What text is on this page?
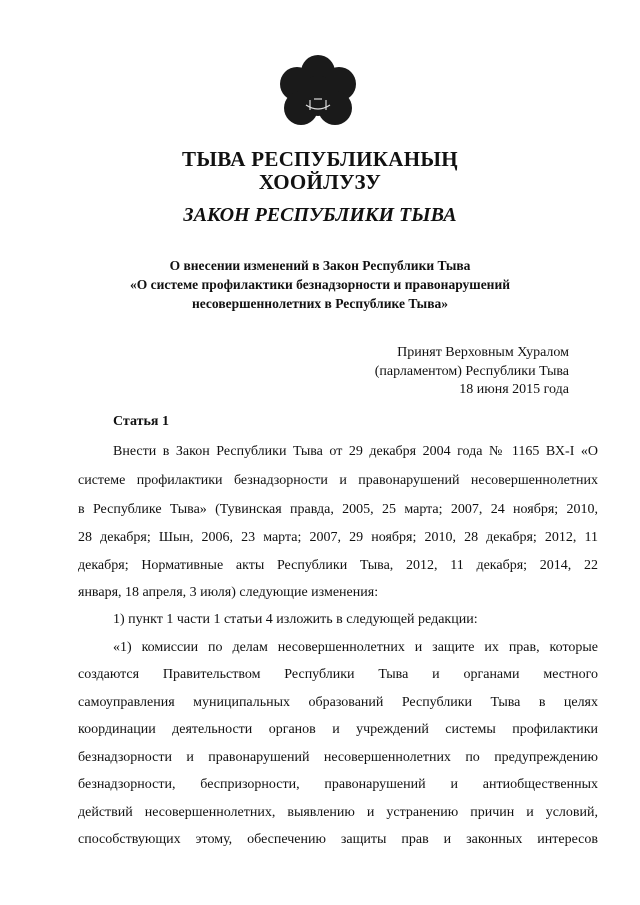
ТЫВА РЕСПУБЛИКАНЫҢ
ХООЙЛУЗУ
ЗАКОН РЕСПУБЛИКИ ТЫВА
О внесении изменений в Закон Республики Тыва
«О системе профилактики безнадзорности и правонарушений
несовершеннолетних в Республике Тыва»
Принят Верховным Хуралом
(парламентом) Республики Тыва
18 июня 2015 года
Статья 1
Внести в Закон Республики Тыва от 29 декабря 2004 года № 1165 ВХ-I «О
системе профилактики безнадзорности и правонарушений несовершеннолетних
в Республике Тыва» (Тувинская правда, 2005, 25 марта; 2007, 24 ноября; 2010,
28 декабря; Шын, 2006, 23 марта; 2007, 29 ноября; 2010, 28 декабря; 2012, 11
декабря; Нормативные акты Республики Тыва, 2012, 11 декабря; 2014, 22
января, 18 апреля, 3 июля) следующие изменения:
1) пункт 1 части 1 статьи 4 изложить в следующей редакции:
«1) комиссии по делам несовершеннолетних и защите их прав, которые
создаются Правительством Республики Тыва и органами местного
самоуправления муниципальных образований Республики Тыва в целях
координации деятельности органов и учреждений системы профилактики
безнадзорности и правонарушений несовершеннолетних по предупреждению
безнадзорности, беспризорности, правонарушений и антиобщественных
действий несовершеннолетних, выявлению и устранению причин и условий,
способствующих этому, обеспечению защиты прав и законных интересов
